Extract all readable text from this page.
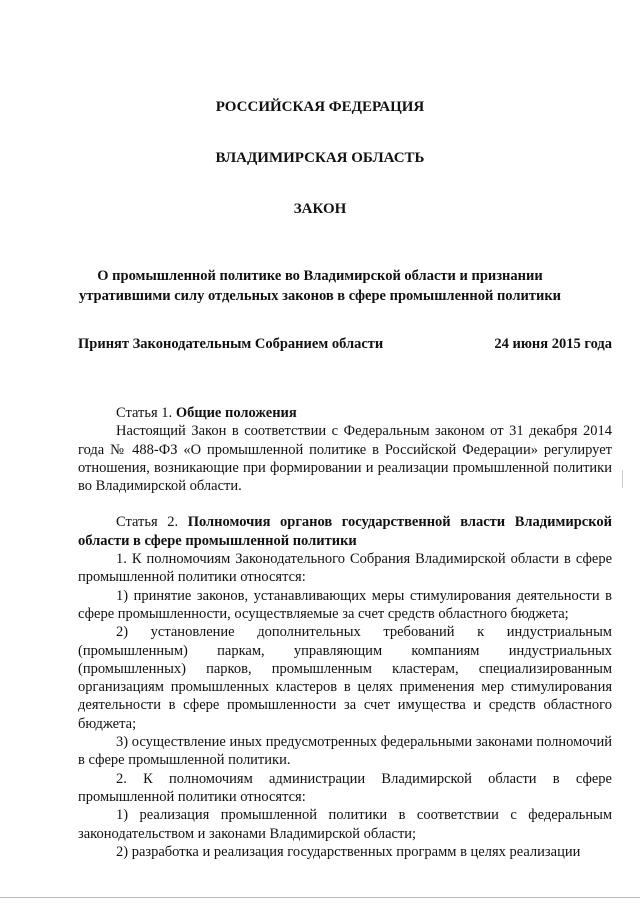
РОССИЙСКАЯ ФЕДЕРАЦИЯ
ВЛАДИМИРСКАЯ ОБЛАСТЬ
ЗАКОН
О промышленной политике во Владимирской области и признании утратившими силу отдельных законов в сфере промышленной политики
Принят Законодательным Собранием области	24 июня 2015 года

Статья 1. Общие положения

Настоящий Закон в соответствии с Федеральным законом от 31 декабря 2014 года № 488-ФЗ «О промышленной политике в Российской Федерации» регулирует отношения, возникающие при формировании и реализации промышленной политики во Владимирской области.

Статья 2. Полномочия органов государственной власти Владимирской области в сфере промышленной политики

1. К полномочиям Законодательного Собрания Владимирской области в сфере промышленной политики относятся:

1) принятие законов, устанавливающих меры стимулирования деятельности в сфере промышленности, осуществляемые за счет средств областного бюджета;

2) установление дополнительных требований к индустриальным (промышленным) паркам, управляющим компаниям индустриальных (промышленных) парков, промышленным кластерам, специализированным организациям промышленных кластеров в целях применения мер стимулирования деятельности в сфере промышленности за счет имущества и средств областного бюджета;

3) осуществление иных предусмотренных федеральными законами полномочий в сфере промышленной политики.

2. К полномочиям администрации Владимирской области в сфере промышленной политики относятся:

1) реализация промышленной политики в соответствии с федеральным законодательством и законами Владимирской области;

2) разработка и реализация государственных программ в целях реализации
